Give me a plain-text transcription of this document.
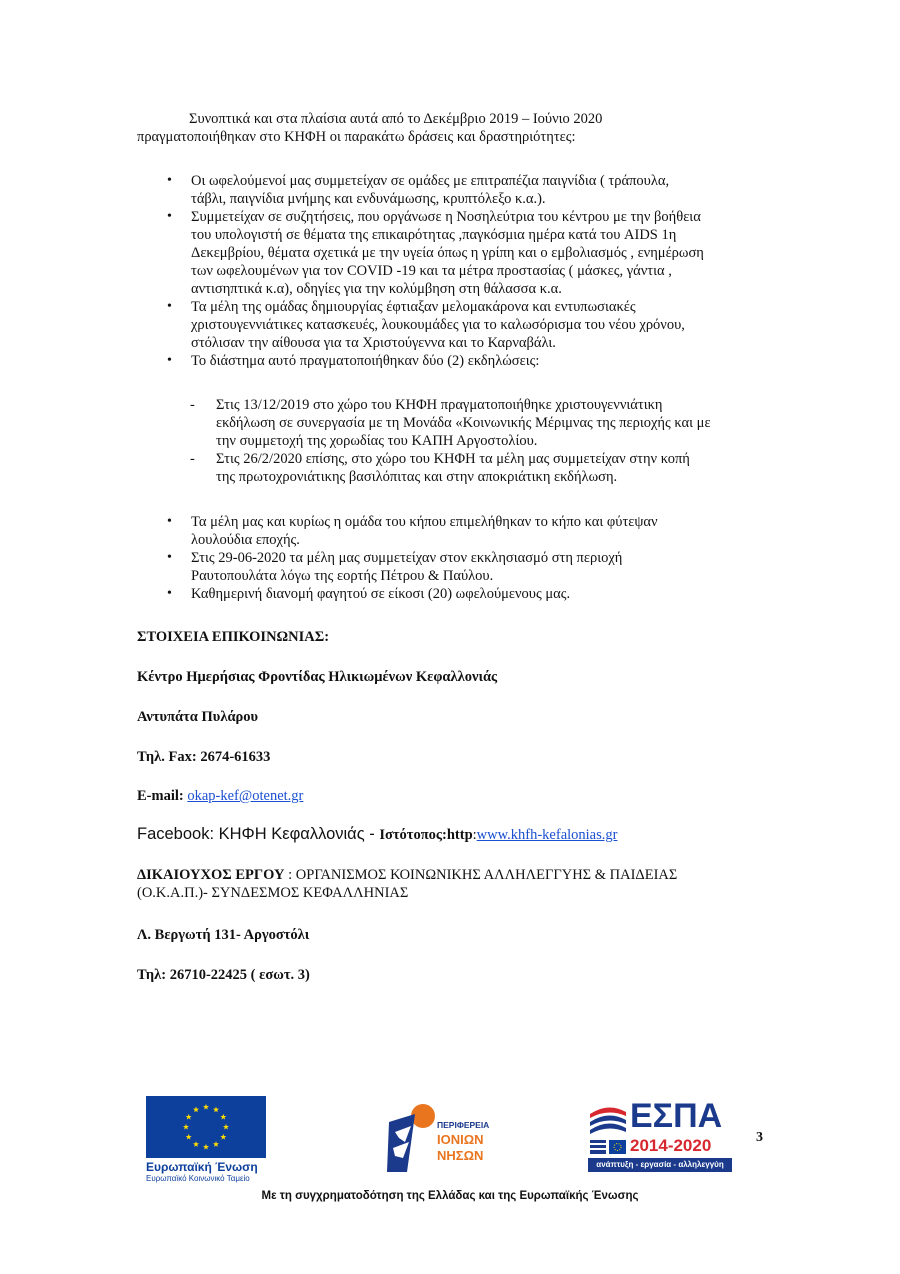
Συνοπτικά και στα πλαίσια αυτά από το Δεκέμβριο 2019 – Ιούνιο 2020
πραγματοποιήθηκαν στο ΚΗΦΗ οι παρακάτω δράσεις και δραστηριότητες:
Οι ωφελούμενοί μας συμμετείχαν σε ομάδες με επιτραπέζια παιγνίδια ( τράπουλα,
τάβλι, παιγνίδια μνήμης και ενδυνάμωσης, κρυπτόλεξο κ.α.).
Συμμετείχαν σε συζητήσεις, που οργάνωσε η Νοσηλεύτρια του κέντρου με την βοήθεια
του υπολογιστή σε θέματα της επικαιρότητας ,παγκόσμια ημέρα κατά του AIDS 1η
Δεκεμβρίου, θέματα σχετικά με την υγεία όπως η γρίπη και ο εμβολιασμός , ενημέρωση
των ωφελουμένων για τον COVID -19 και τα μέτρα προστασίας ( μάσκες, γάντια ,
αντισηπτικά κ.α), οδηγίες για την κολύμβηση στη θάλασσα κ.α.
Τα μέλη της ομάδας δημιουργίας έφτιαξαν μελομακάρονα και εντυπωσιακές
χριστουγεννιάτικες κατασκευές, λουκουμάδες για το καλωσόρισμα του νέου χρόνου,
στόλισαν την αίθουσα για τα Χριστούγεννα και το Καρναβάλι.
Το διάστημα αυτό πραγματοποιήθηκαν δύο (2) εκδηλώσεις:
- Στις 13/12/2019 στο χώρο του ΚΗΦΗ πραγματοποιήθηκε χριστουγεννιάτικη
εκδήλωση σε συνεργασία με τη Μονάδα «Κοινωνικής Μέριμνας της περιοχής και με
την συμμετοχή της χορωδίας του ΚΑΠΗ Αργοστολίου.
- Στις 26/2/2020 επίσης, στο χώρο του ΚΗΦΗ τα μέλη μας συμμετείχαν στην κοπή
της πρωτοχρονιάτικης βασιλόπιτας και στην αποκριάτικη εκδήλωση.
Τα μέλη μας και κυρίως η ομάδα του κήπου επιμελήθηκαν το κήπο και φύτεψαν
λουλούδια εποχής.
Στις 29-06-2020 τα μέλη μας συμμετείχαν στον εκκλησιασμό στη περιοχή
Ραυτοπουλάτα λόγω της εορτής Πέτρου & Παύλου.
Καθημερινή διανομή φαγητού σε είκοσι (20) ωφελούμενους μας.
ΣΤΟΙΧΕΙΑ ΕΠΙΚΟΙΝΩΝΙΑΣ:
Κέντρο Ημερήσιας Φροντίδας Ηλικιωμένων Κεφαλλονιάς
Αντυπάτα Πυλάρου
Τηλ. Fax: 2674-61633
E-mail: okap-kef@otenet.gr
Facebook: ΚΗΦΗ Κεφαλλονιάς - Ιστότοπος:http:www.khfh-kefalonias.gr
ΔΙΚΑΙΟΥΧΟΣ ΕΡΓΟΥ : ΟΡΓΑΝΙΣΜΟΣ ΚΟΙΝΩΝΙΚΗΣ ΑΛΛΗΛΕΓΓΥΗΣ & ΠΑΙΔΕΙΑΣ
(Ο.Κ.Α.Π.)- ΣΥΝΔΕΣΜΟΣ ΚΕΦΑΛΛΗΝΙΑΣ
Λ. Βεργωτή 131- Αργοστόλι
Τηλ: 26710-22425 ( εσωτ. 3)
Ευρωπαϊκή Ένωση
Ευρωπαϊκό Κοινωνικό Ταμείο
ΠΕΡΙΦΕΡΕΙΑ
ΙΟΝΙΩΝ
ΝΗΣΩΝ
ΕΣΠΑ
2014-2020
ανάπτυξη - εργασία - αλληλεγγύη
3
Με τη συγχρηματοδότηση της Ελλάδας και της Ευρωπαϊκής Ένωσης
